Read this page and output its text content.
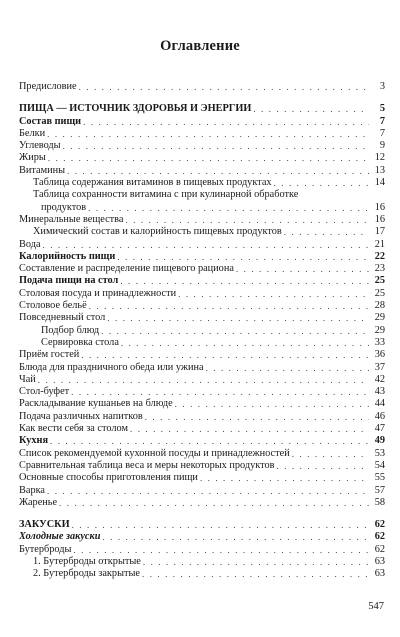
Оглавление
Предисловие . . .	3
ПИЩА — ИСТОЧНИК ЗДОРОВЬЯ И ЭНЕРГИИ . . .	5
Состав пищи . . .	7
Белки . . .	7
Углеводы . . .	9
Жиры . . .	12
Витамины . . .	13
Таблица содержания витаминов в пищевых продуктах . . .	14
Таблица сохранности витамина с при кулинарной обработке
продуктов . . .	16
Минеральные вещества . . .	16
Химический состав и калорийность пищевых продуктов . . .	17
Вода . . .	21
Калорийность пищи . . .	22
Составление и распределение пищевого рациона . . .	23
Подача пищи на стол . . .	25
Столовая посуда и принадлежности . . .	25
Столовое бельё . . .	28
Повседневный стол . . .	29
Подбор блюд . . .	29
Сервировка стола . . .	33
Приём гостей . . .	36
Блюда для праздничного обеда или ужина . . .	37
Чай . . .	42
Стол-буфет . . .	43
Раскладывание кушаньев на блюде . . .	44
Подача различных напитков . . .	46
Как вести себя за столом . . .	47
Кухня . . .	49
Список рекомендуемой кухонной посуды и принадлежностей . . .	53
Сравнительная таблица веса и меры некоторых продуктов . . .	54
Основные способы приготовления пищи . . .	55
Варка . . .	57
Жаренье . . .	58
ЗАКУСКИ . . .	62
Холодные закуски . . .	62
Бутерброды . . .	62
1. Бутерброды открытые . . .	63
2. Бутерброды закрытые . . .	63
547
